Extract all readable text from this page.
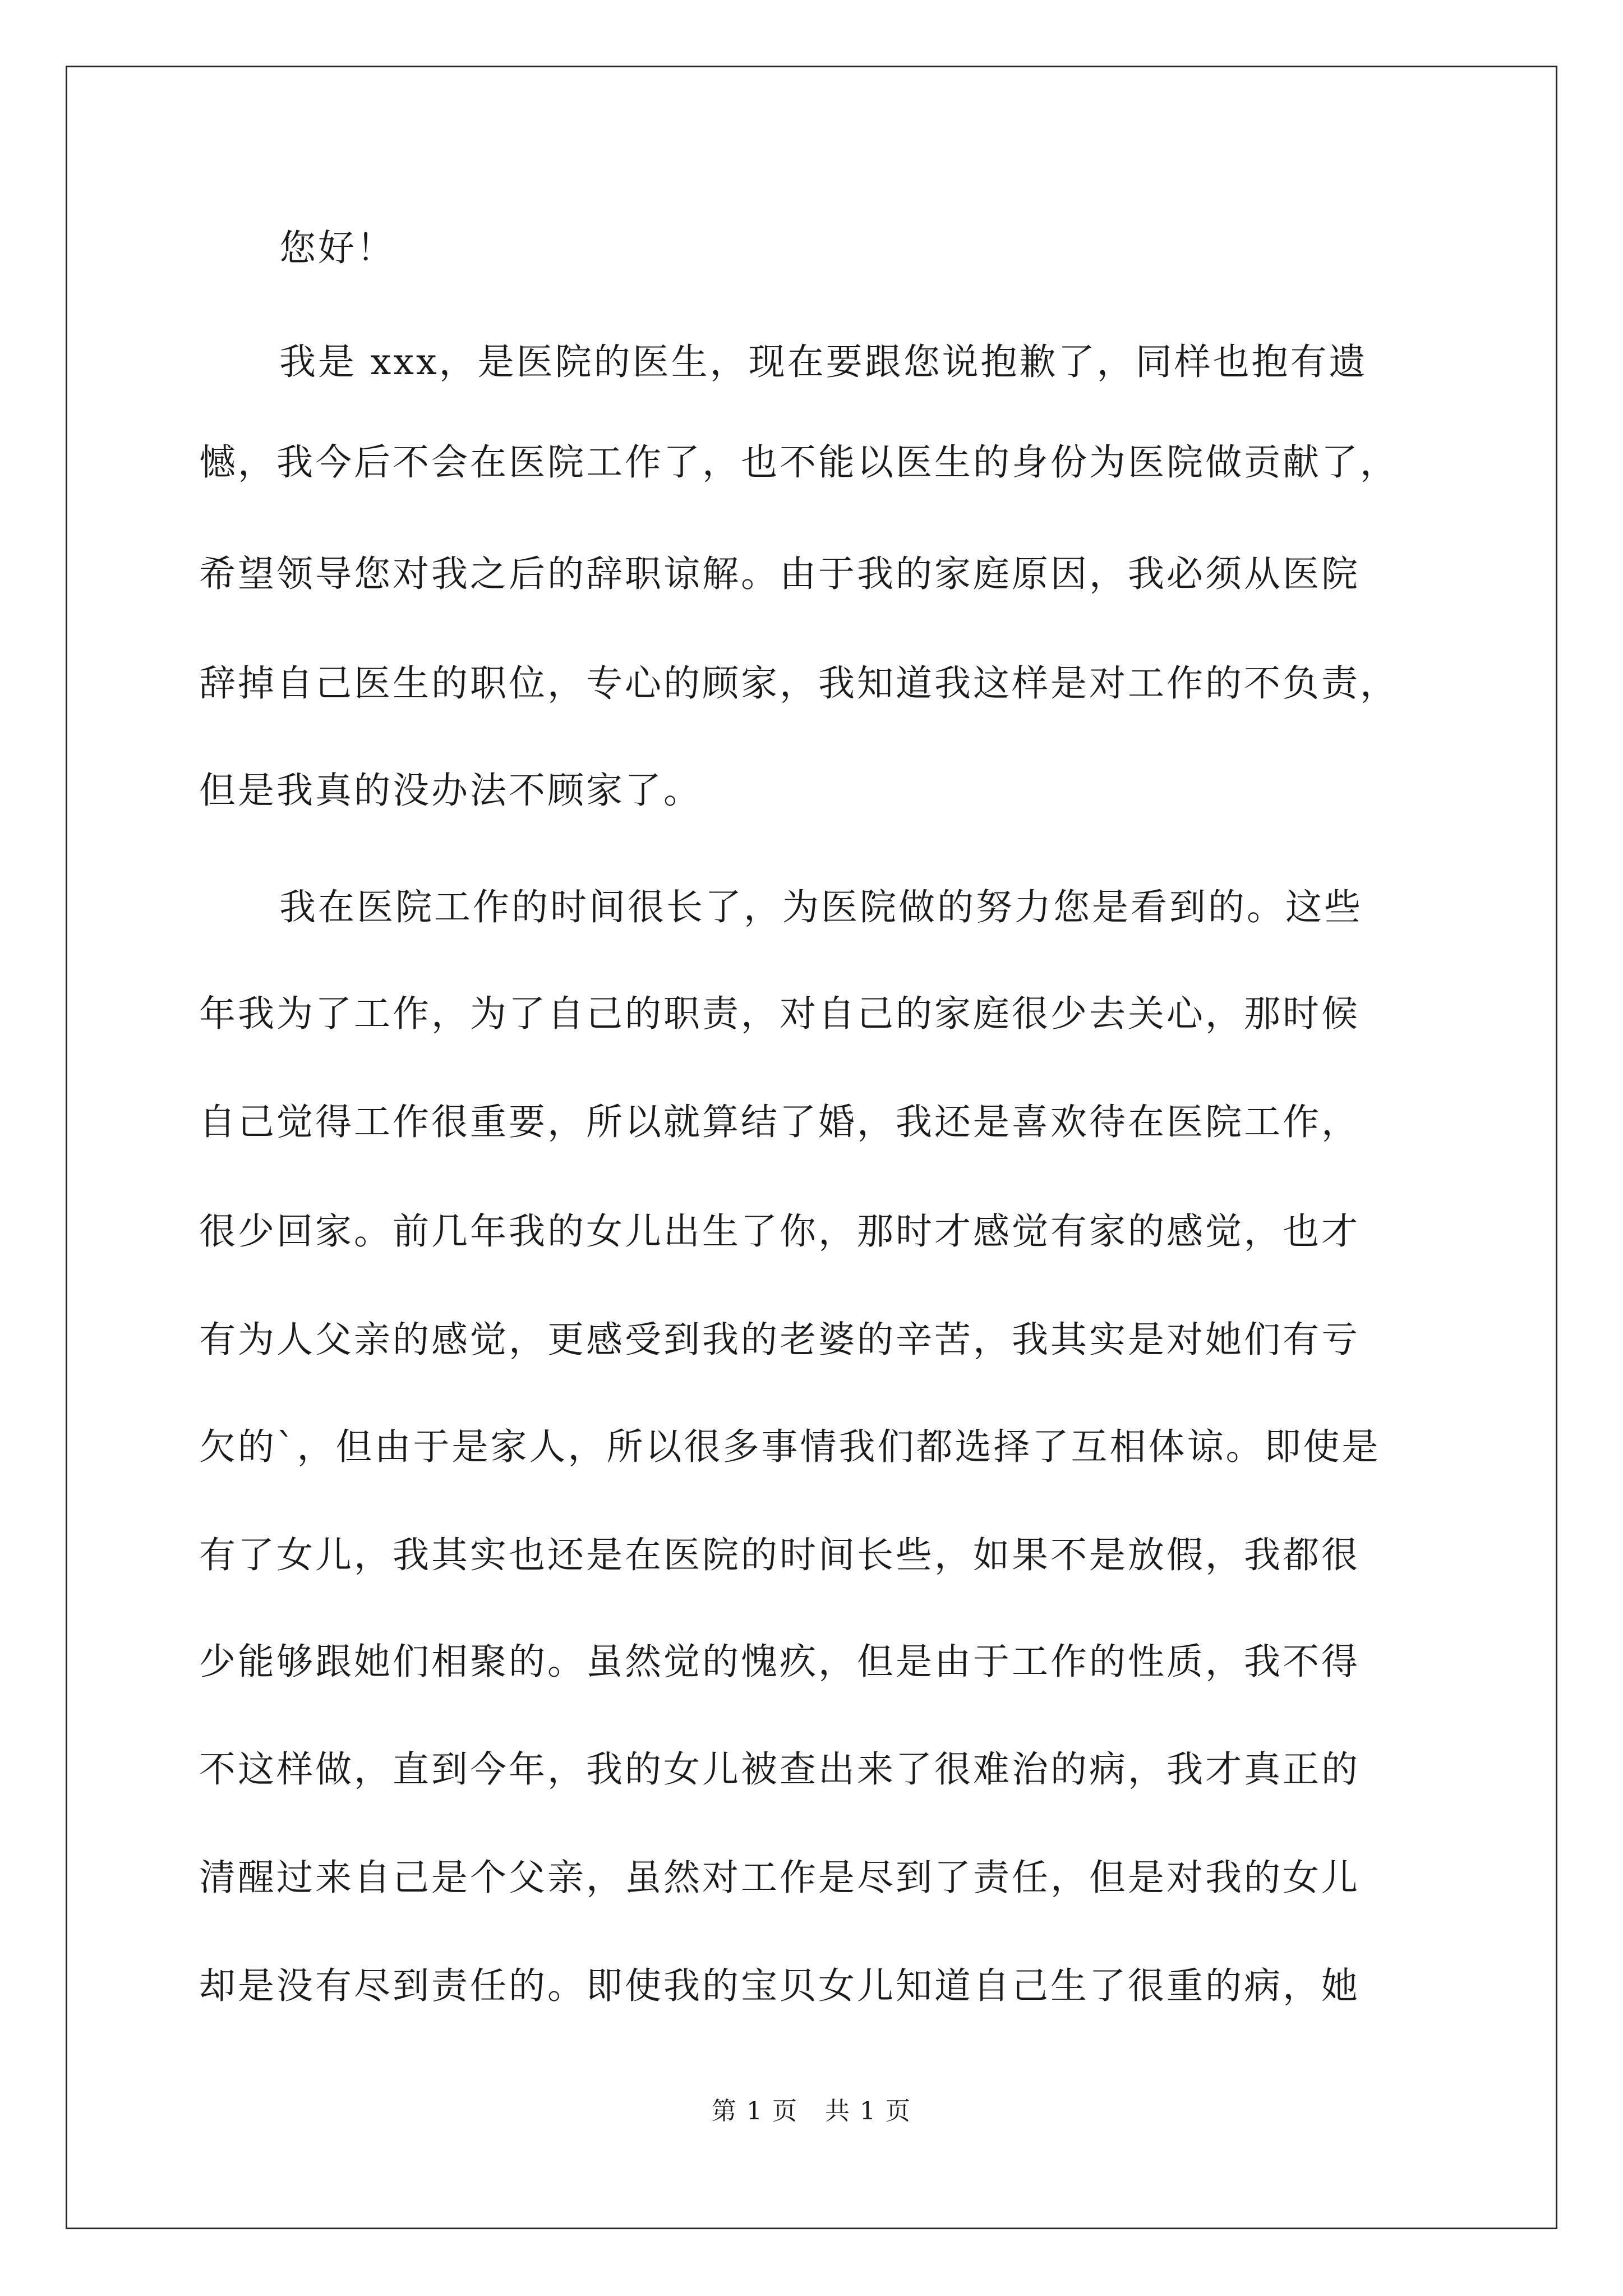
您好！

我是 xxx，是医院的医生，现在要跟您说抱歉了，同样也抱有遗

憾，我今后不会在医院工作了，也不能以医生的身份为医院做贡献了，

希望领导您对我之后的辞职谅解。由于我的家庭原因，我必须从医院

辞掉自己医生的职位，专心的顾家，我知道我这样是对工作的不负责，

但是我真的没办法不顾家了。

我在医院工作的时间很长了，为医院做的努力您是看到的。这些

年我为了工作，为了自己的职责，对自己的家庭很少去关心，那时候

自己觉得工作很重要，所以就算结了婚，我还是喜欢待在医院工作，

很少回家。前几年我的女儿出生了你，那时才感觉有家的感觉，也才

有为人父亲的感觉，更感受到我的老婆的辛苦，我其实是对她们有亏

欠的`，但由于是家人，所以很多事情我们都选择了互相体谅。即使是

有了女儿，我其实也还是在医院的时间长些，如果不是放假，我都很

少能够跟她们相聚的。虽然觉的愧疚，但是由于工作的性质，我不得

不这样做，直到今年，我的女儿被查出来了很难治的病，我才真正的

清醒过来自己是个父亲，虽然对工作是尽到了责任，但是对我的女儿

却是没有尽到责任的。即使我的宝贝女儿知道自己生了很重的病，她

第 1 页   共 1 页
